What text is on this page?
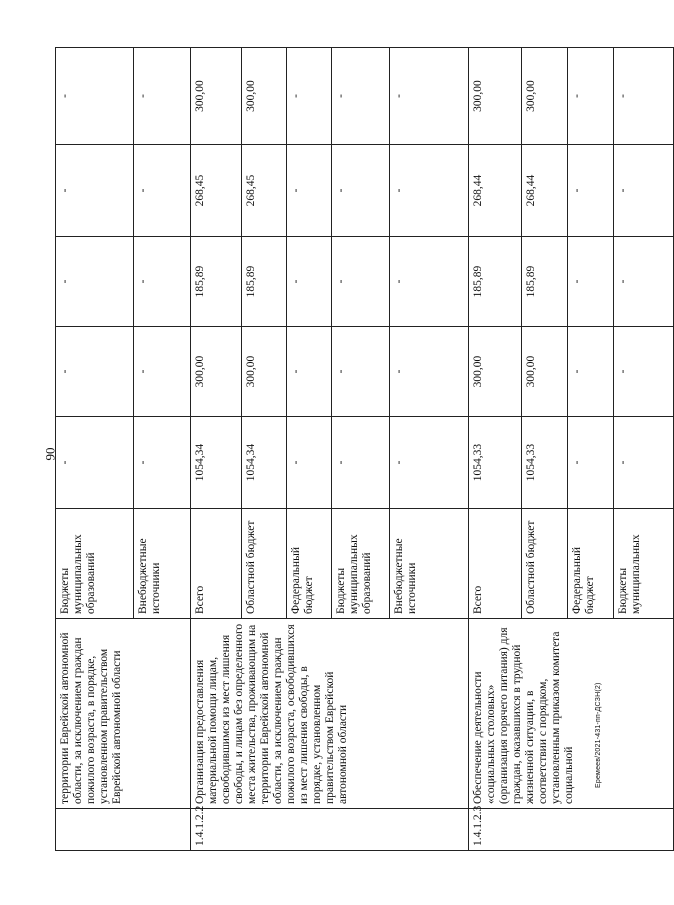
90
Еремеев/2021-431-пп-ДСЗН(2)
	территории Еврейской автономной области, за исключением граждан пожилого возраста, в порядке, установленном правительством Еврейской автономной области	Бюджеты муниципальных образований	-	-	-	-	-
		Внебюджетные источники	-	-	-	-	-
1.4.1.2.2	Организация предоставления материальной помощи лицам, освободившимся из мест лишения свободы, и лицам без определенного места жительства, проживающим на территории Еврейской автономной области, за исключением граждан пожилого возраста, освободившихся из мест лишения свободы, в порядке, установленном правительством Еврейской автономной области	Всего	1054,34	300,00	185,89	268,45	300,00
		Областной бюджет	1054,34	300,00	185,89	268,45	300,00
		Федеральный бюджет	-	-	-	-	-
		Бюджеты муниципальных образований	-	-	-	-	-
		Внебюджетные источники	-	-	-	-	-
1.4.1.2.3	Обеспечение деятельности «социальных столовых» (организация горячего питания) для граждан, оказавшихся в трудной жизненной ситуации, в соответствии с порядком, установленным приказом комитета социальной	Всего	1054,33	300,00	185,89	268,44	300,00
		Областной бюджет	1054,33	300,00	185,89	268,44	300,00
		Федеральный бюджет	-	-	-	-	-
		Бюджеты муниципальных	-	-	-	-	-
